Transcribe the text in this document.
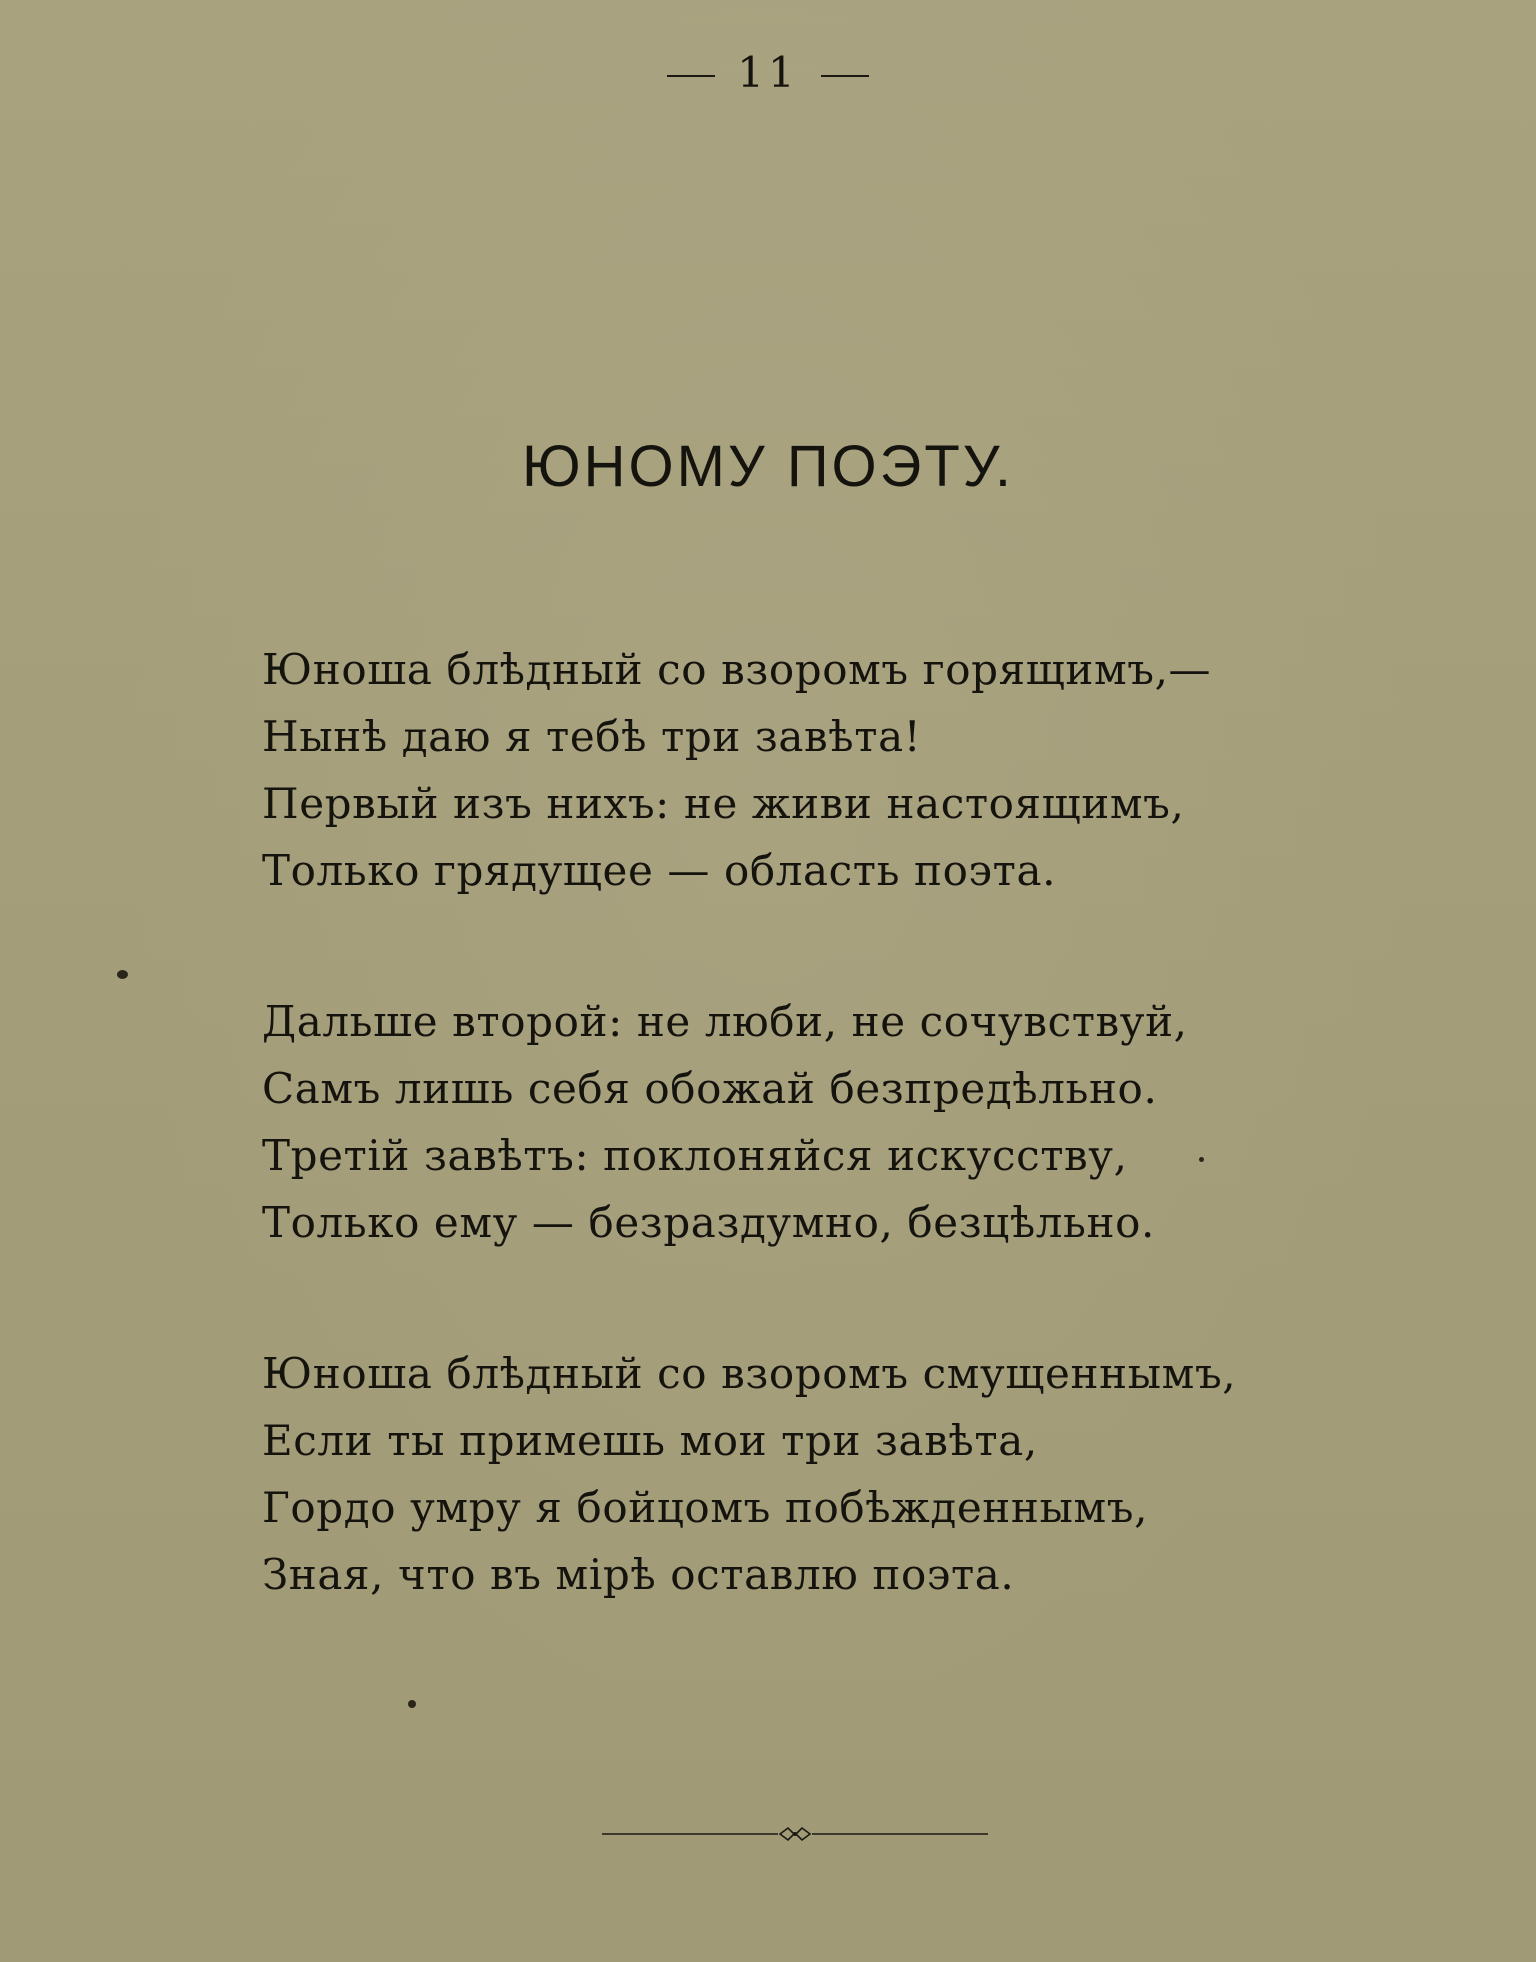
11
ЮНОМУ ПОЭТУ.
Юноша блѣдный со взоромъ горящимъ,—
Нынѣ даю я тебѣ три завѣта!
Первый изъ нихъ: не живи настоящимъ,
Только грядущее — область поэта.
Дальше второй: не люби, не сочувствуй,
Самъ лишь себя обожай безпредѣльно.
Третій завѣтъ: поклоняйся искусству,
Только ему — безраздумно, безцѣльно.
Юноша блѣдный со взоромъ смущеннымъ,
Если ты примешь мои три завѣта,
Гордо умру я бойцомъ побѣжденнымъ,
Зная, что въ мірѣ оставлю поэта.
